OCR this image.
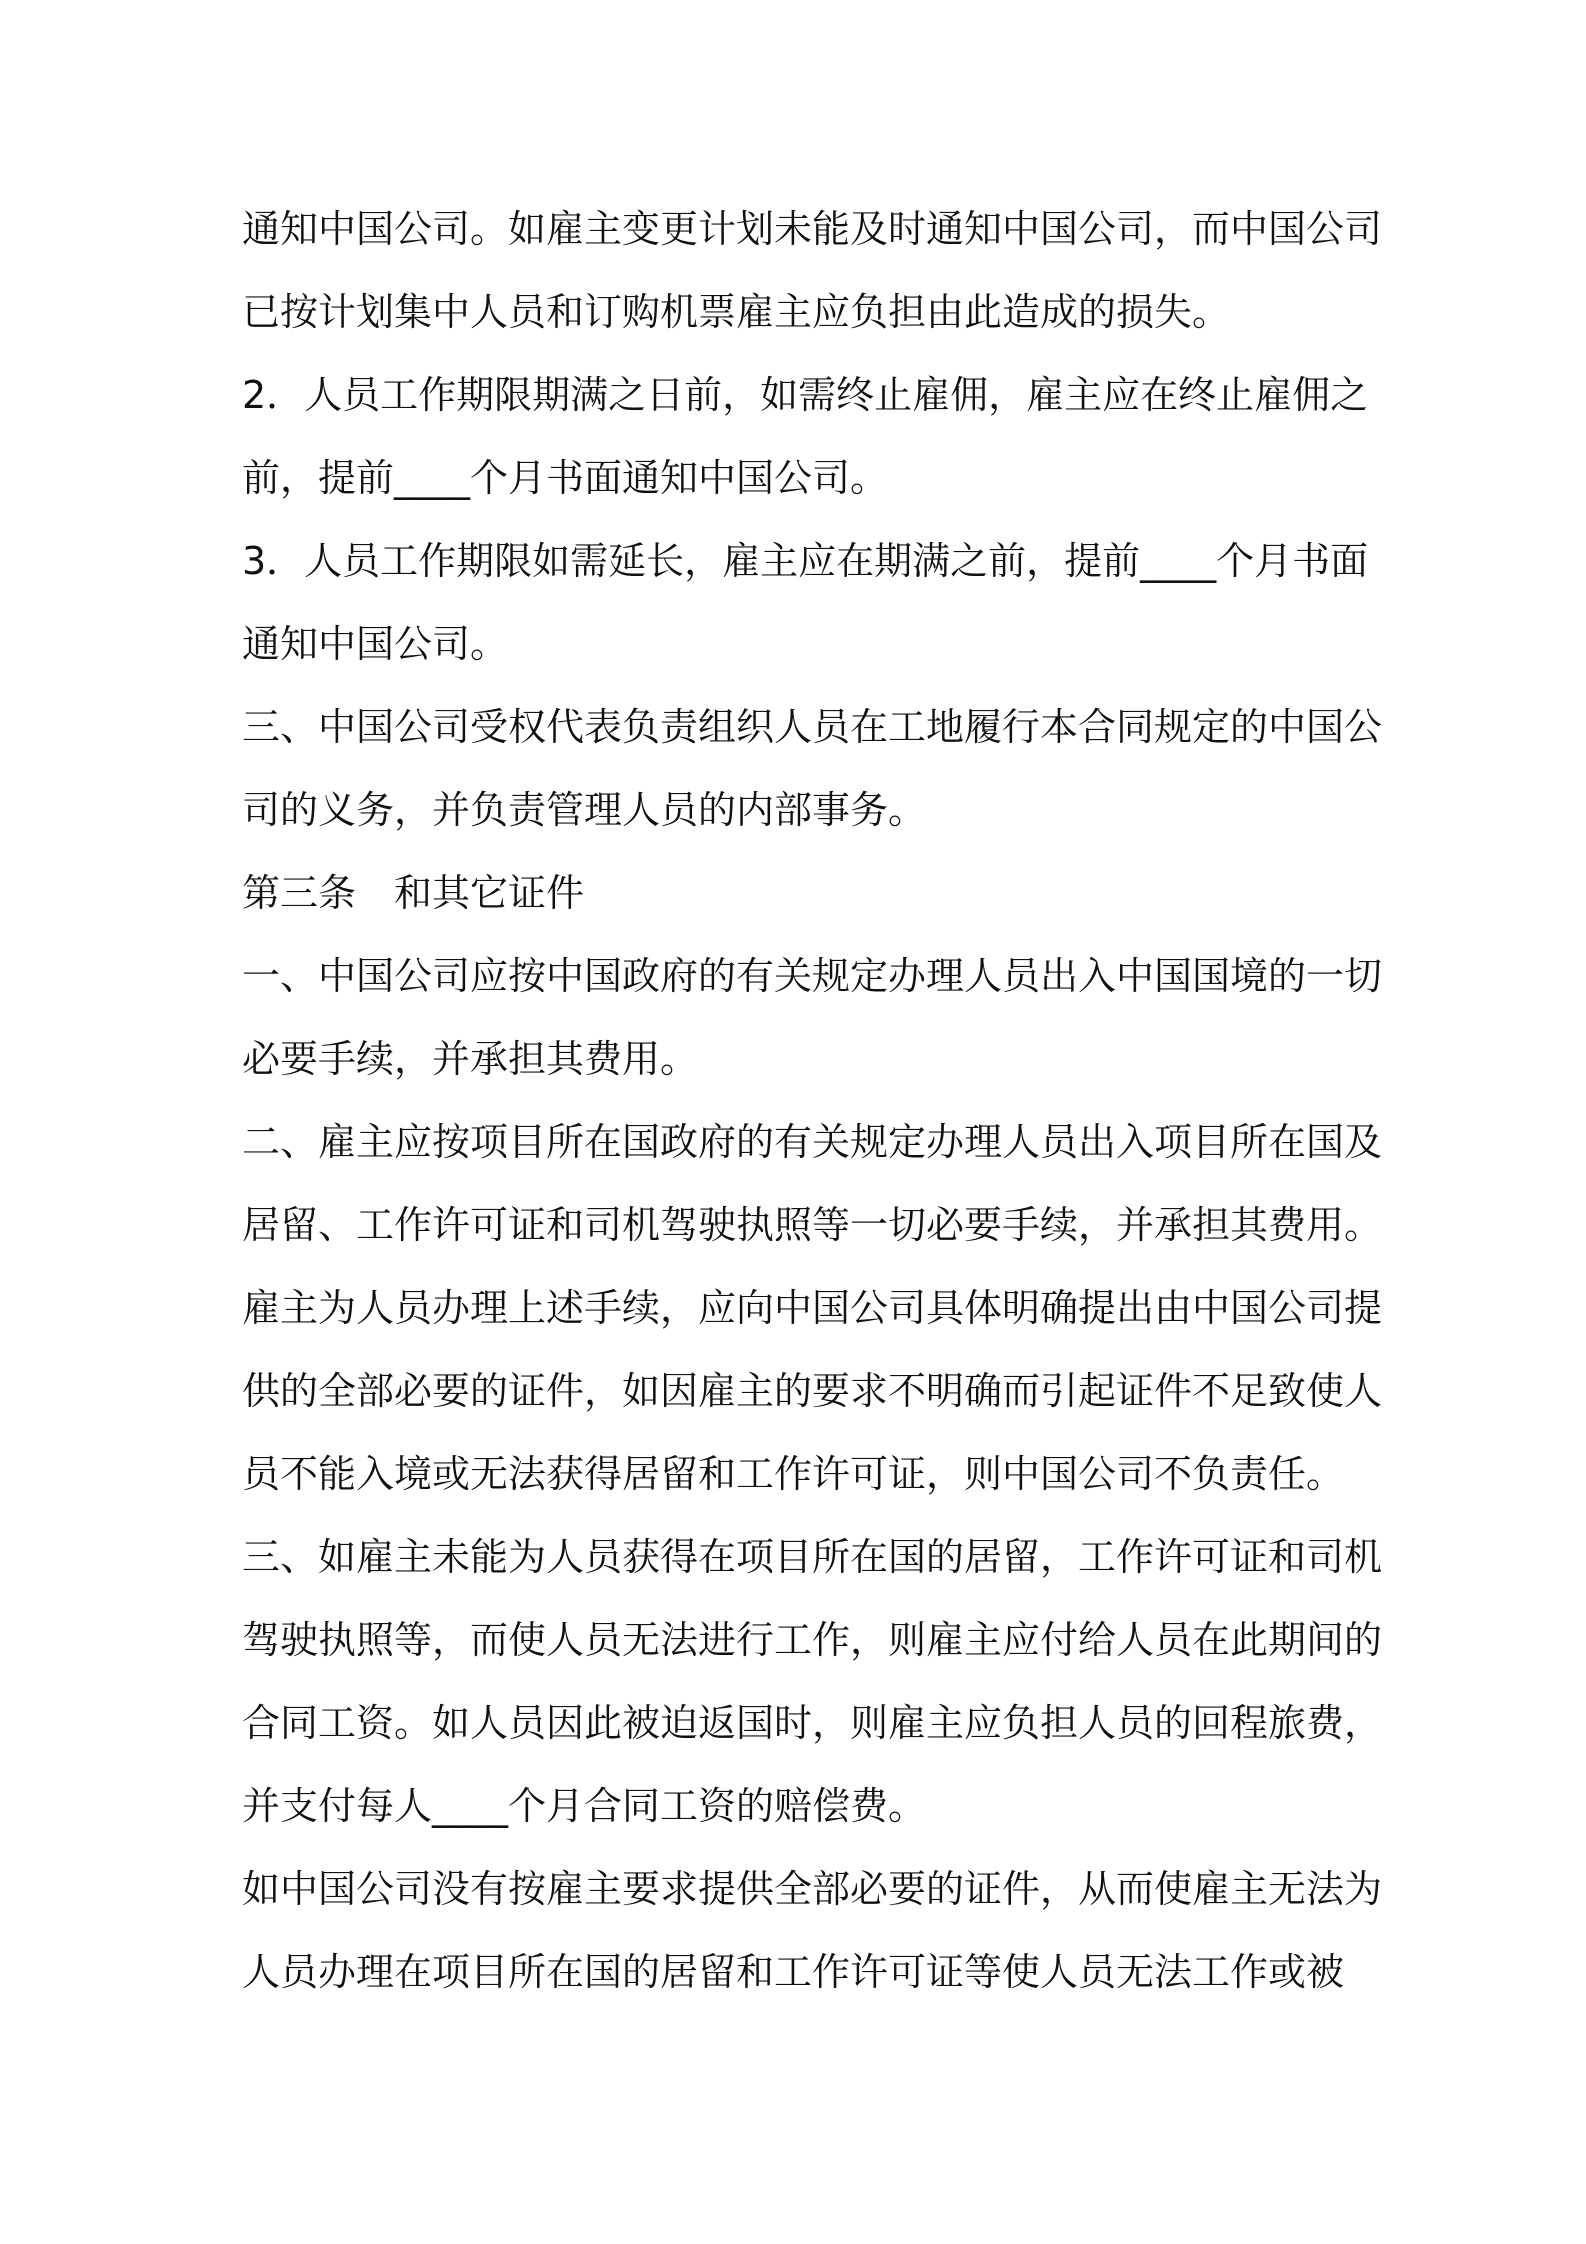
通知中国公司。如雇主变更计划未能及时通知中国公司，而中国公司
已按计划集中人员和订购机票雇主应负担由此造成的损失。
2．人员工作期限期满之日前，如需终止雇佣，雇主应在终止雇佣之
前，提前____个月书面通知中国公司。
3．人员工作期限如需延长，雇主应在期满之前，提前____个月书面
通知中国公司。
三、中国公司受权代表负责组织人员在工地履行本合同规定的中国公
司的义务，并负责管理人员的内部事务。
第三条　和其它证件
一、中国公司应按中国政府的有关规定办理人员出入中国国境的一切
必要手续，并承担其费用。
二、雇主应按项目所在国政府的有关规定办理人员出入项目所在国及
居留、工作许可证和司机驾驶执照等一切必要手续，并承担其费用。
雇主为人员办理上述手续，应向中国公司具体明确提出由中国公司提
供的全部必要的证件，如因雇主的要求不明确而引起证件不足致使人
员不能入境或无法获得居留和工作许可证，则中国公司不负责任。
三、如雇主未能为人员获得在项目所在国的居留，工作许可证和司机
驾驶执照等，而使人员无法进行工作，则雇主应付给人员在此期间的
合同工资。如人员因此被迫返国时，则雇主应负担人员的回程旅费，
并支付每人____个月合同工资的赔偿费。
如中国公司没有按雇主要求提供全部必要的证件，从而使雇主无法为
人员办理在项目所在国的居留和工作许可证等使人员无法工作或被
